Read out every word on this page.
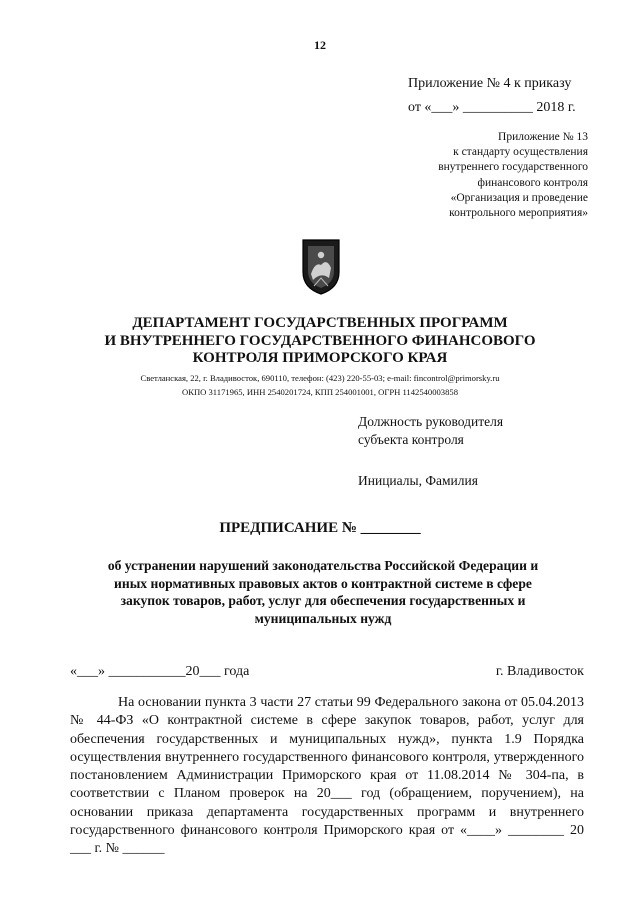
12
Приложение № 4 к приказу
от «___» __________ 2018 г.
Приложение № 13
к стандарту осуществления
внутреннего государственного
финансового контроля
«Организация и проведение
контрольного мероприятия»
ДЕПАРТАМЕНТ ГОСУДАРСТВЕННЫХ ПРОГРАММ
И ВНУТРЕННЕГО ГОСУДАРСТВЕННОГО ФИНАНСОВОГО
КОНТРОЛЯ ПРИМОРСКОГО КРАЯ
Светланская, 22, г. Владивосток, 690110, телефон: (423) 220-55-03; e-mail: fincontrol@primorsky.ru
ОКПО 31171965, ИНН 2540201724, КПП 254001001, ОГРН 1142540003858
Должность руководителя
субъекта контроля
Инициалы, Фамилия
ПРЕДПИСАНИЕ № ________
об устранении нарушений законодательства Российской Федерации и
иных нормативных правовых актов о контрактной системе в сфере
закупок товаров, работ, услуг для обеспечения государственных и
муниципальных нужд
«___» ___________20___ года	г. Владивосток

На основании пункта 3 части 27 статьи 99 Федерального закона от 05.04.2013 № 44-ФЗ «О контрактной системе в сфере закупок товаров, работ, услуг для обеспечения государственных и муниципальных нужд», пункта 1.9 Порядка осуществления внутреннего государственного финансового контроля, утвержденного постановлением Администрации Приморского края от 11.08.2014 № 304-па, в соответствии с Планом проверок на 20___ год (обращением, поручением), на основании приказа департамента государственных программ и внутреннего государственного финансового контроля Приморского края от «____» ________ 20 ___ г. № ______
